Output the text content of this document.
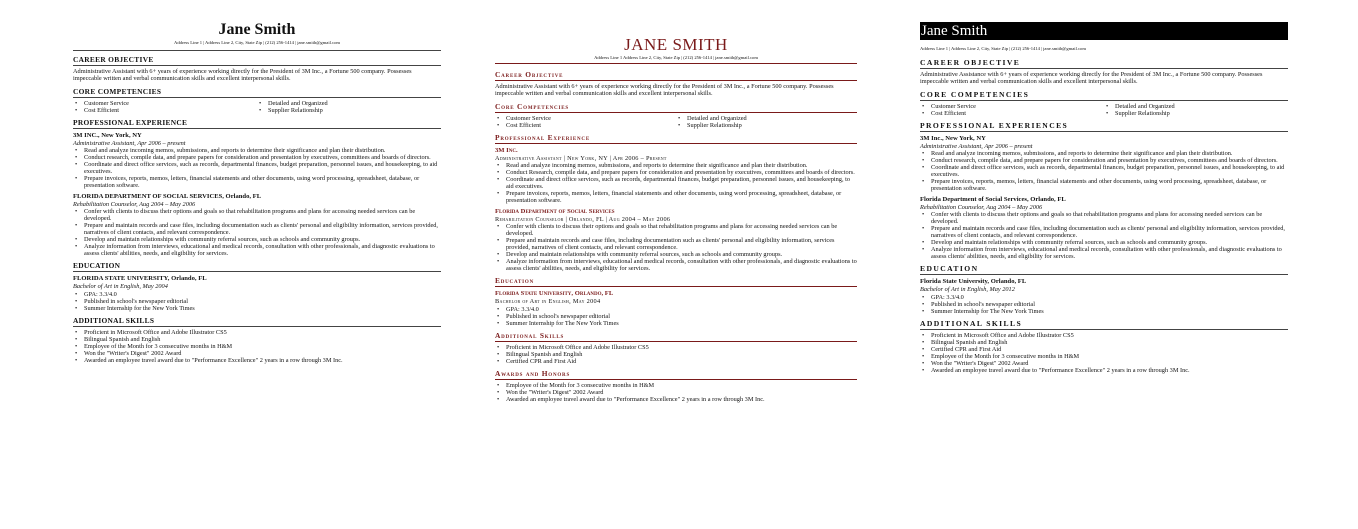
Jane Smith
Address Line 1 | Address Line 2, City, State Zip | (212) 256-1414 | jane.smith@gmail.com
CAREER OBJECTIVE
Administrative Assistant with 6+ years of experience working directly for the President of 3M Inc., a Fortune 500 company. Possesses impeccable written and verbal communication skills and excellent interpersonal skills.
CORE COMPETENCIES
• Customer Service
• Cost Efficient
• Detailed and Organized
• Supplier Relationship
PROFESSIONAL EXPERIENCE
3M INC., New York, NY
Administrative Assistant, Apr 2006 – present
• Read and analyze incoming memos, submissions, and reports to determine their significance and plan their distribution.
• Conduct research, compile data, and prepare papers for consideration and presentation by executives, committees and boards of directors.
• Coordinate and direct office services, such as records, departmental finances, budget preparation, personnel issues, and housekeeping, to aid executives.
• Prepare invoices, reports, memos, letters, financial statements and other documents, using word processing, spreadsheet, database, or presentation software.
FLORIDA DEPARTMENT OF SOCIAL SERVICES, Orlando, FL
Rehabilitation Counselor, Aug 2004 – May 2006
• Confer with clients to discuss their options and goals so that rehabilitation programs and plans for accessing needed services can be developed.
• Prepare and maintain records and case files, including documentation such as clients' personal and eligibility information, services provided, narratives of client contacts, and relevant correspondence.
• Develop and maintain relationships with community referral sources, such as schools and community groups.
• Analyze information from interviews, educational and medical records, consultation with other professionals, and diagnostic evaluations to assess clients' abilities, needs, and eligibility for services.
EDUCATION
FLORIDA STATE UNIVERSITY, Orlando, FL
Bachelor of Art in English, May 2004
• GPA: 3.3/4.0
• Published in school's newspaper editorial
• Summer Internship for the New York Times
ADDITIONAL SKILLS
• Proficient in Microsoft Office and Adobe Illustrator CS5
• Bilingual Spanish and English
• Employee of the Month for 3 consecutive months in H&M
• Won the "Writer's Digest" 2002 Award
• Awarded an employee travel award due to "Performance Excellence" 2 years in a row through 3M Inc.
JANE SMITH
Address Line 1 Address Line 2, City, State Zip | (212) 256-1414 | jane.smith@gmail.com
Career Objective
Administrative Assistant with 6+ years of experience working directly for the President of 3M Inc., a Fortune 500 company. Possesses impeccable written and verbal communication skills and excellent interpersonal skills.
Core Competencies
• Customer Service
• Cost Efficient
• Detailed and Organized
• Supplier Relationship
Professional Experience
3M Inc.
Administrative Assistant | New York, NY | Apr 2006 – Present
• Read and analyze incoming memos, submissions, and reports to determine their significance and plan their distribution.
• Conduct Research, compile data, and prepare papers for consideration and presentation by executives, committees and boards of directors.
• Coordinate and direct office services, such as records, departmental finances, budget preparation, personnel issues, and housekeeping, to aid executives.
• Prepare invoices, reports, memos, letters, financial statements and other documents, using word processing, spreadsheet, database, or presentation software.
Florida Department of Social Services
Rehabilitation Counselor | Orlando, FL | Aug 2004 – May 2006
• Confer with clients to discuss their options and goals so that rehabilitation programs and plans for accessing needed services can be developed.
• Prepare and maintain records and case files, including documentation such as clients' personal and eligibility information, services provided, narratives of client contacts, and relevant correspondence.
• Develop and maintain relationships with community referral sources, such as schools and community groups.
• Analyze information from interviews, educational and medical records, consultation with other professionals, and diagnostic evaluations to assess clients' abilities, needs, and eligibility for services.
Education
Florida State University, Orlando, FL
Bachelor of Art in English, May 2004
• GPA: 3.3/4.0
• Published in school's newspaper editorial
• Summer Internship for The New York Times
Additional Skills
• Proficient in Microsoft Office and Adobe Illustrator CS5
• Bilingual Spanish and English
• Certified CPR and First Aid
Awards and Honors
• Employee of the Month for 3 consecutive months in H&M
• Won the "Writer's Digest" 2002 Award
• Awarded an employee travel award due to "Performance Excellence" 2 years in a row through 3M Inc.
Jane Smith
Address Line 1 | Address Line 2, City, State Zip | (212) 256-1414 | jane.smith@gmail.com
CAREER OBJECTIVE
Administrative Assistance with 6+ years of experience working directly for the President of 3M Inc., a Fortune 500 company. Possesses impeccable written and verbal communication skills and excellent interpersonal skills.
CORE COMPETENCIES
• Customer Service
• Cost Efficient
• Detailed and Organized
• Supplier Relationship
PROFESSIONAL EXPERIENCES
3M Inc., New York, NY
Administrative Assistant, Apr 2006 – present
• Read and analyze incoming memos, submissions, and reports to determine their significance and plan their distribution.
• Conduct research, compile data, and prepare papers for consideration and presentation by executives, committees and boards of directors.
• Coordinate and direct office services, such as records, departmental finances, budget preparation, personnel issues, and housekeeping, to aid executives.
• Prepare invoices, reports, memos, letters, financial statements and other documents, using word processing, spreadsheet, database, or presentation software.
Florida Department of Social Services, Orlando, FL
Rehabilitation Counselor, Aug 2004 – May 2006
• Confer with clients to discuss their options and goals so that rehabilitation programs and plans for accessing needed services can be developed.
• Prepare and maintain records and case files, including documentation such as clients' personal and eligibility information, services provided, narratives of client contacts, and relevant correspondence.
• Develop and maintain relationships with community referral sources, such as schools and community groups.
• Analyze information from interviews, educational and medical records, consultation with other professionals, and diagnostic evaluations to assess clients' abilities, needs, and eligibility for services.
EDUCATION
Florida State University, Orlando, FL
Bachelor of Art in English, May 2012
• GPA: 3.3/4.0
• Published in school's newspaper editorial
• Summer Internship for The New York Times
ADDITIONAL SKILLS
• Proficient in Microsoft Office and Adobe Illustrator CS5
• Bilingual Spanish and English
• Certified CPR and First Aid
• Employee of the Month for 3 consecutive months in H&M
• Won the "Writer's Digest" 2002 Award
• Awarded an employee travel award due to "Performance Excellence" 2 years in a row through 3M Inc.
